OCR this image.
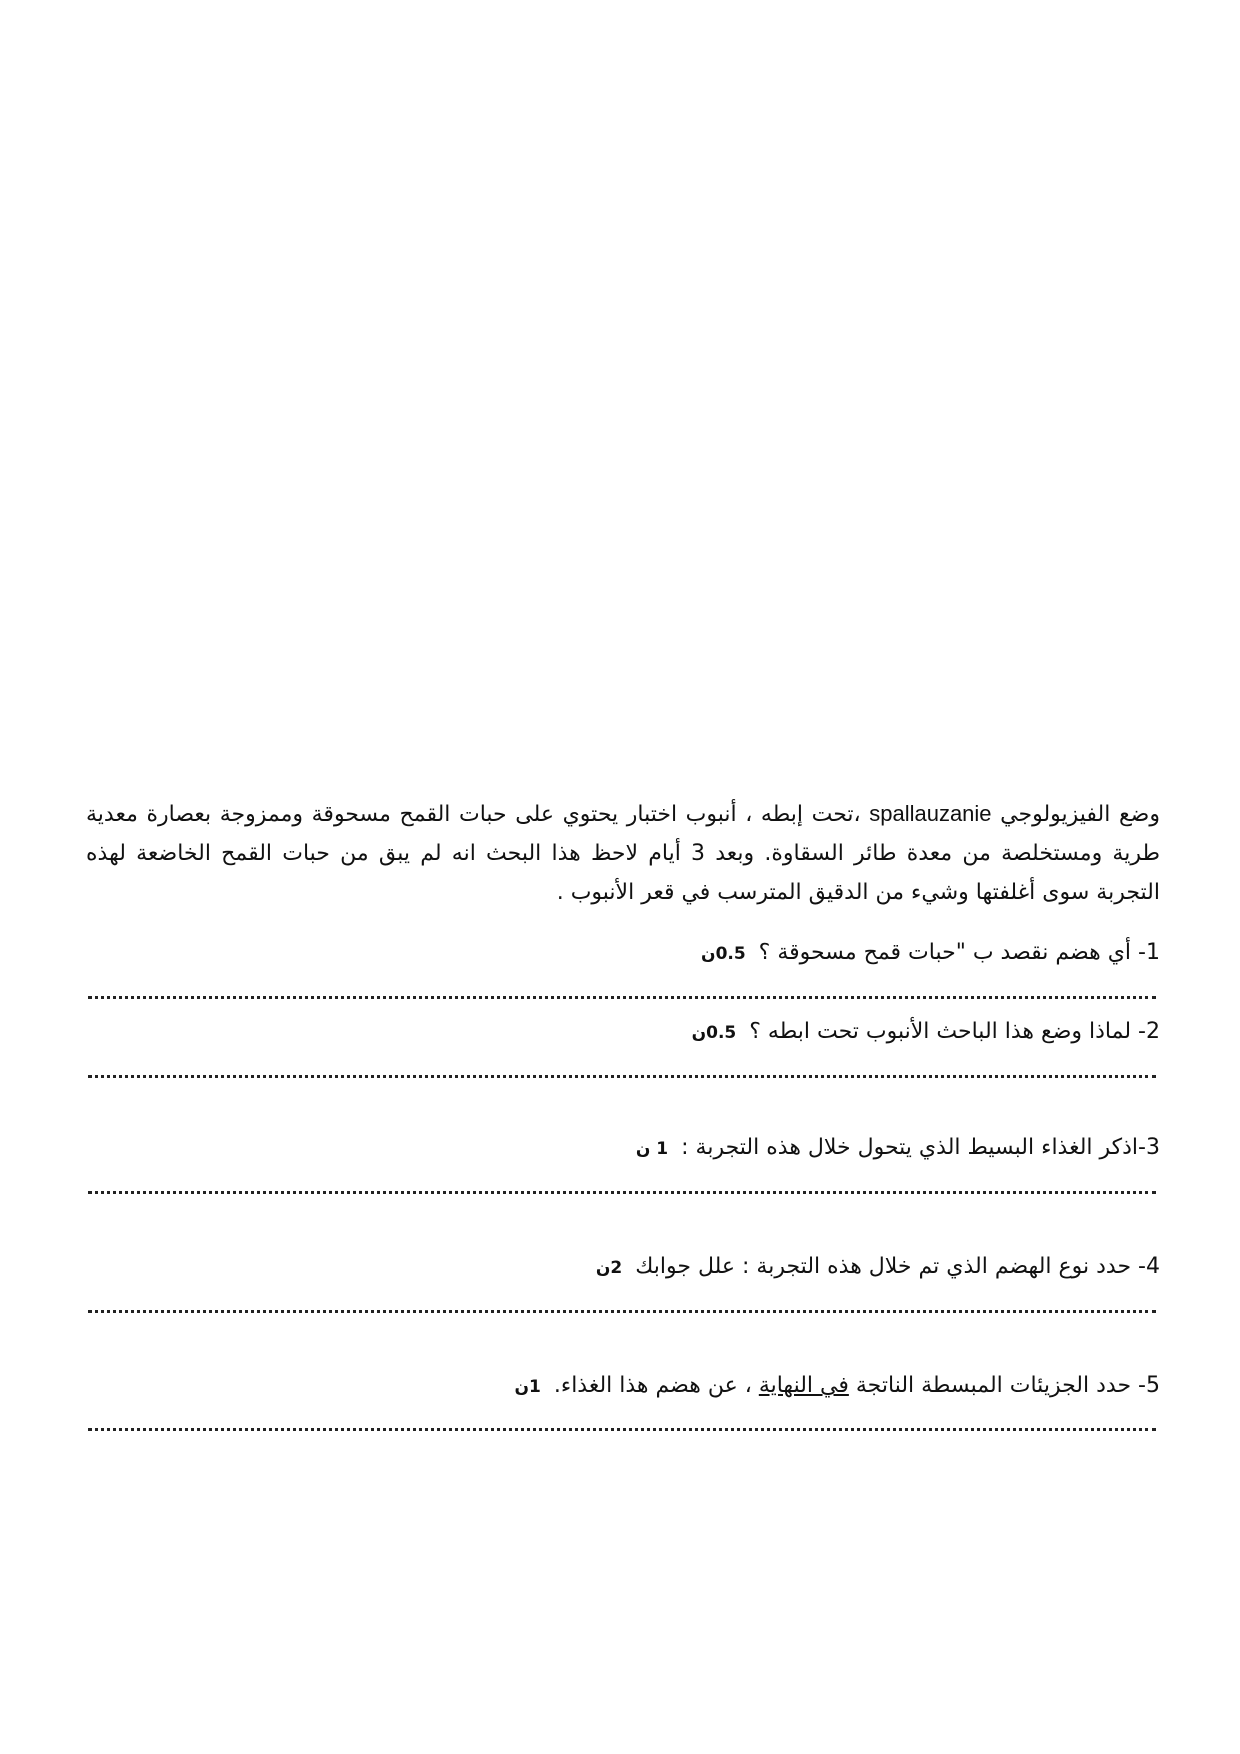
وضع الفيزيولوجي spallauzanie ،تحت إبطه ، أنبوب اختبار يحتوي على حبات القمح مسحوقة وممزوجة بعصارة معدية طرية ومستخلصة من معدة طائر السقاوة. وبعد 3 أيام لاحظ هذا البحث انه لم يبق من حبات القمح الخاضعة لهذه التجربة سوى أغلفتها وشيء من الدقيق المترسب في قعر الأنبوب .

1- أي هضم نقصد ب "حبات قمح مسحوقة ؟ 0.5ن
2- لماذا وضع هذا الباحث الأنبوب تحت ابطه ؟ 0.5ن
3-اذكر الغذاء البسيط الذي يتحول خلال هذه التجربة : 1 ن
4- حدد نوع الهضم الذي تم خلال هذه التجربة : علل جوابك 2ن
5- حدد الجزيئات المبسطة الناتجة في النهاية ، عن هضم هذا الغذاء. 1ن
